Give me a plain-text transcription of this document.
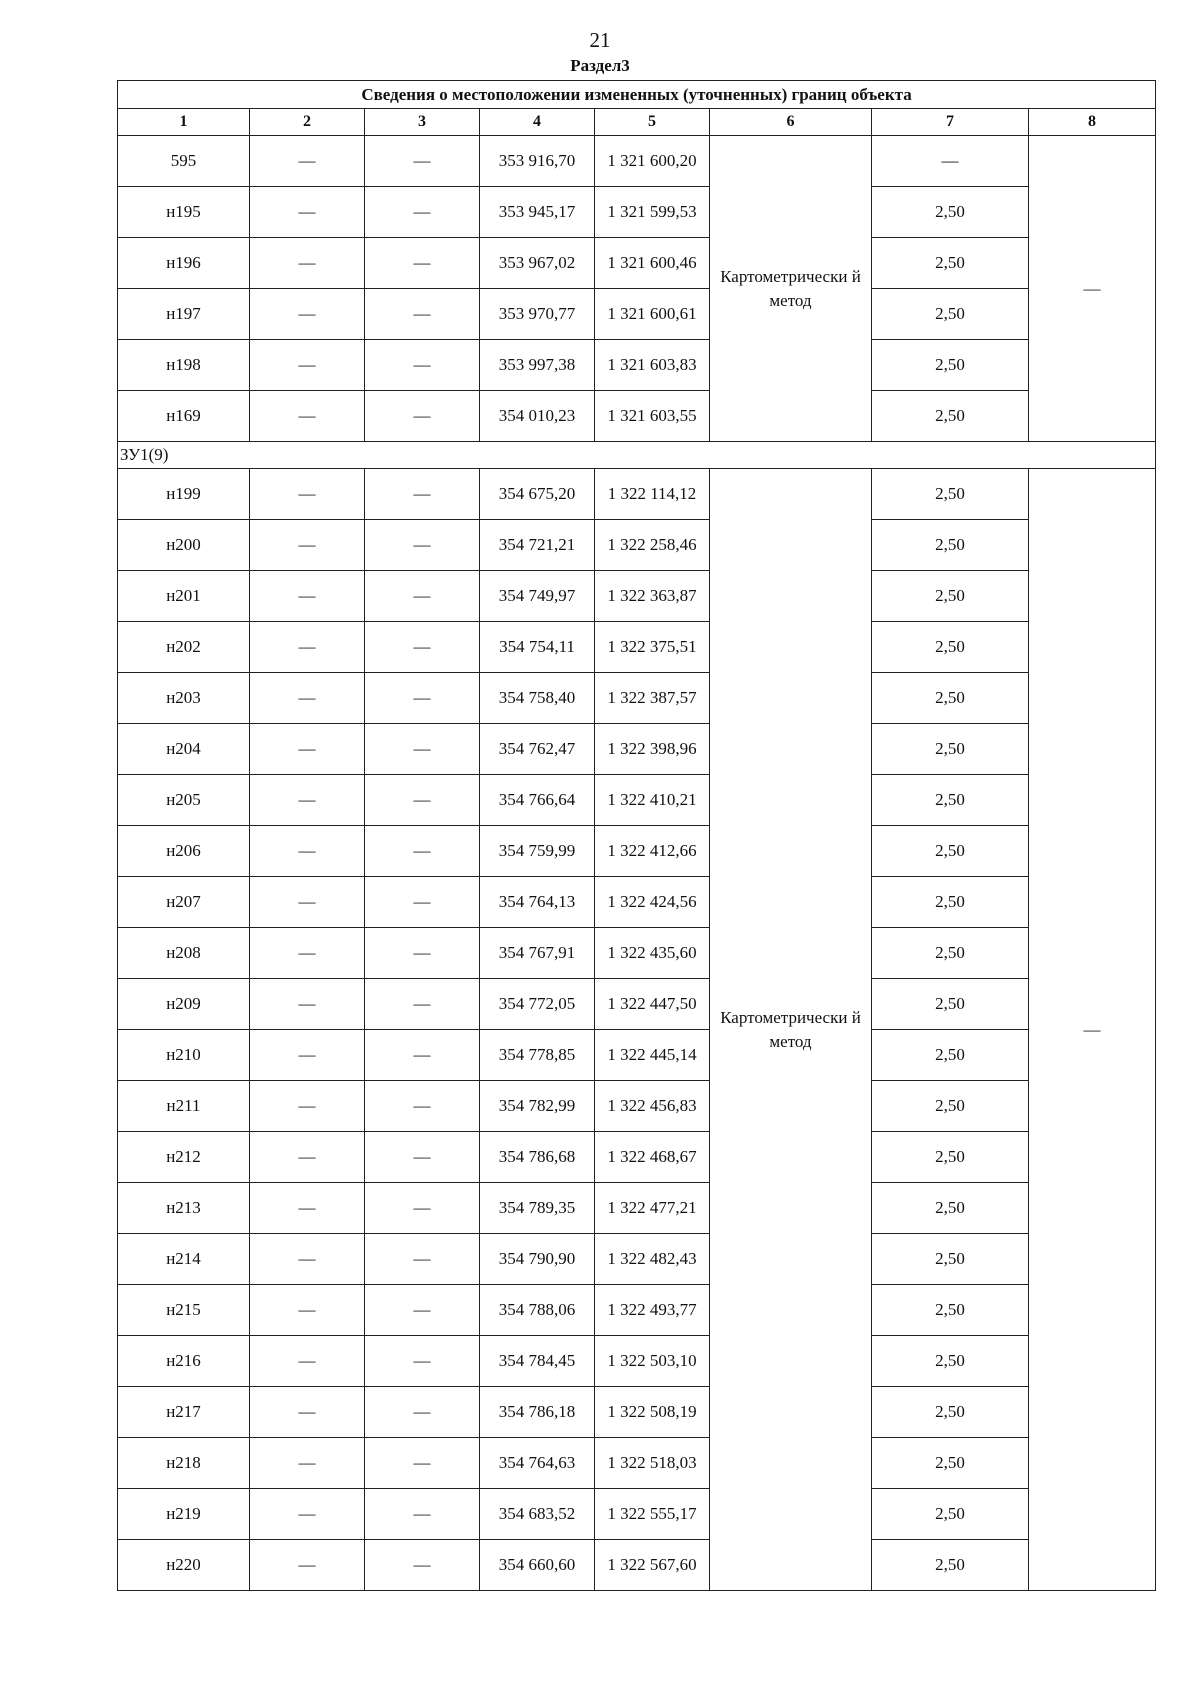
21
Раздел3
Сведения о местоположении измененных (уточненных) границ объекта							
1	2	3	4	5	6	7	8
595	—	—	353 916,70	1 321 600,20	Картометрически й метод	—	—
н195	—	—	353 945,17	1 321 599,53		2,50	
н196	—	—	353 967,02	1 321 600,46		2,50	
н197	—	—	353 970,77	1 321 600,61		2,50	
н198	—	—	353 997,38	1 321 603,83		2,50	
н169	—	—	354 010,23	1 321 603,55		2,50	
ЗУ1(9)							
н199	—	—	354 675,20	1 322 114,12	Картометрически й метод	2,50	—
н200	—	—	354 721,21	1 322 258,46		2,50	
н201	—	—	354 749,97	1 322 363,87		2,50	
н202	—	—	354 754,11	1 322 375,51		2,50	
н203	—	—	354 758,40	1 322 387,57		2,50	
н204	—	—	354 762,47	1 322 398,96		2,50	
н205	—	—	354 766,64	1 322 410,21		2,50	
н206	—	—	354 759,99	1 322 412,66		2,50	
н207	—	—	354 764,13	1 322 424,56		2,50	
н208	—	—	354 767,91	1 322 435,60		2,50	
н209	—	—	354 772,05	1 322 447,50		2,50	
н210	—	—	354 778,85	1 322 445,14		2,50	
н211	—	—	354 782,99	1 322 456,83		2,50	
н212	—	—	354 786,68	1 322 468,67		2,50	
н213	—	—	354 789,35	1 322 477,21		2,50	
н214	—	—	354 790,90	1 322 482,43		2,50	
н215	—	—	354 788,06	1 322 493,77		2,50	
н216	—	—	354 784,45	1 322 503,10		2,50	
н217	—	—	354 786,18	1 322 508,19		2,50	
н218	—	—	354 764,63	1 322 518,03		2,50	
н219	—	—	354 683,52	1 322 555,17		2,50	
н220	—	—	354 660,60	1 322 567,60		2,50	
